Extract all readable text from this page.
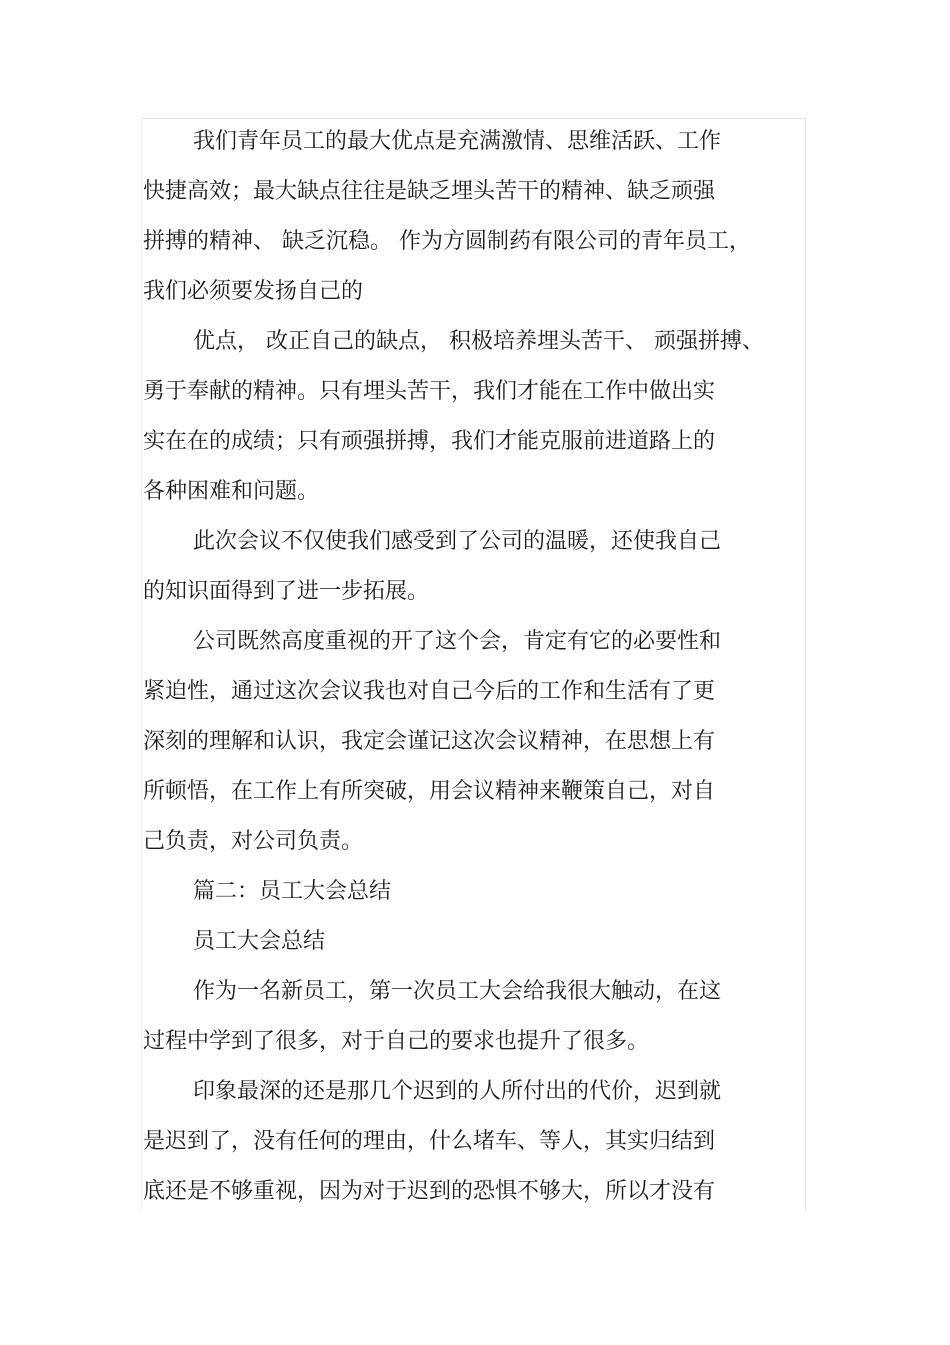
我们青年员工的最大优点是充满激情、思维活跃、工作
快捷高效；最大缺点往往是缺乏埋头苦干的精神、缺乏顽强
拼搏的精神、 缺乏沉稳。 作为方圆制药有限公司的青年员工，
我们必须要发扬自己的
优点， 改正自己的缺点， 积极培养埋头苦干、 顽强拼搏、
勇于奉献的精神。只有埋头苦干，我们才能在工作中做出实
实在在的成绩；只有顽强拼搏，我们才能克服前进道路上的
各种困难和问题。
此次会议不仅使我们感受到了公司的温暖，还使我自己
的知识面得到了进一步拓展。
公司既然高度重视的开了这个会，肯定有它的必要性和
紧迫性，通过这次会议我也对自己今后的工作和生活有了更
深刻的理解和认识，我定会谨记这次会议精神，在思想上有
所顿悟，在工作上有所突破，用会议精神来鞭策自己，对自
己负责，对公司负责。
篇二：员工大会总结
员工大会总结
作为一名新员工，第一次员工大会给我很大触动，在这
过程中学到了很多，对于自己的要求也提升了很多。
印象最深的还是那几个迟到的人所付出的代价，迟到就
是迟到了，没有任何的理由，什么堵车、等人，其实归结到
底还是不够重视，因为对于迟到的恐惧不够大，所以才没有
